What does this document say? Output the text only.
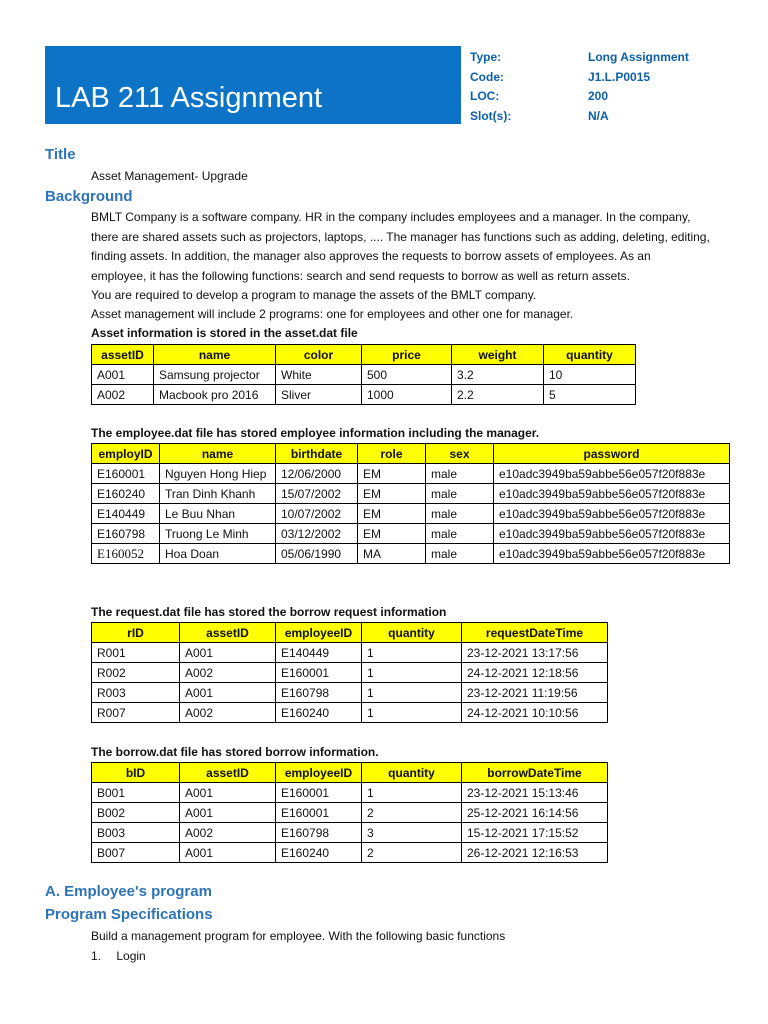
LAB 211 Assignment
Type:	Long Assignment
Code:	J1.L.P0015
LOC:	200
Slot(s):	N/A
Title
Asset Management- Upgrade
Background
BMLT Company is a software company. HR in the company includes employees and a manager. In the company,
there are shared assets such as projectors, laptops, .... The manager has functions such as adding, deleting, editing,
finding assets. In addition, the manager also approves the requests to borrow assets of employees. As an
employee, it has the following functions: search and send requests to borrow as well as return assets.
You are required to develop a program to manage the assets of the BMLT company.
Asset management will include 2 programs: one for employees and other one for manager.
Asset information is stored in the asset.dat file
assetID	name	color	price	weight	quantity
A001	Samsung projector	White	500	3.2	10
A002	Macbook pro 2016	Sliver	1000	2.2	5
The employee.dat file has stored employee information including the manager.
employID	name	birthdate	role	sex	password
E160001	Nguyen Hong Hiep	12/06/2000	EM	male	e10adc3949ba59abbe56e057f20f883e
E160240	Tran Dinh Khanh	15/07/2002	EM	male	e10adc3949ba59abbe56e057f20f883e
E140449	Le Buu Nhan	10/07/2002	EM	male	e10adc3949ba59abbe56e057f20f883e
E160798	Truong Le Minh	03/12/2002	EM	male	e10adc3949ba59abbe56e057f20f883e
E160052	Hoa Doan	05/06/1990	MA	male	e10adc3949ba59abbe56e057f20f883e
The request.dat file has stored the borrow request information
rID	assetID	employeeID	quantity	requestDateTime
R001	A001	E140449	1	23-12-2021 13:17:56
R002	A002	E160001	1	24-12-2021 12:18:56
R003	A001	E160798	1	23-12-2021 11:19:56
R007	A002	E160240	1	24-12-2021 10:10:56
The borrow.dat file has stored borrow information.
bID	assetID	employeeID	quantity	borrowDateTime
B001	A001	E160001	1	23-12-2021 15:13:46
B002	A001	E160001	2	25-12-2021 16:14:56
B003	A002	E160798	3	15-12-2021 17:15:52
B007	A001	E160240	2	26-12-2021 12:16:53
A. Employee's program
Program Specifications
Build a management program for employee. With the following basic functions
1. Login
